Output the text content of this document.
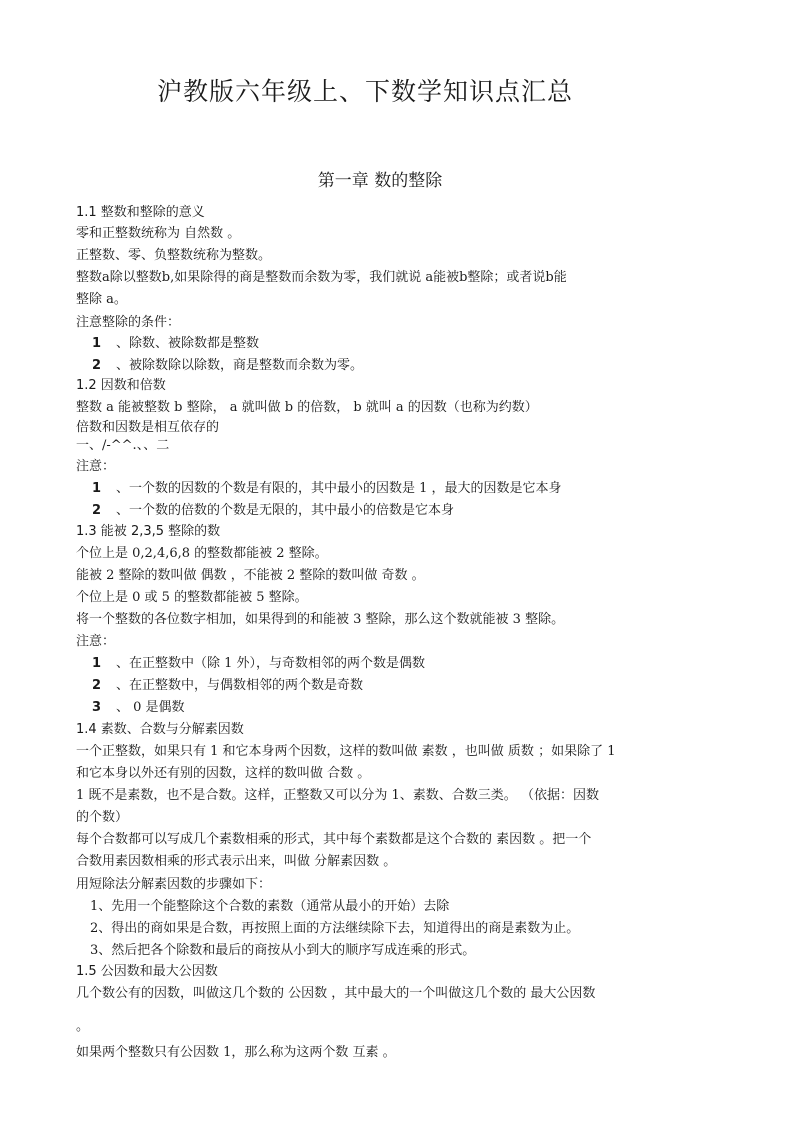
沪教版六年级上、下数学知识点汇总
第一章 数的整除
1.1 整数和整除的意义
零和正整数统称为 自然数 。
正整数、零、负整数统称为整数。
整数a除以整数b,如果除得的商是整数而余数为零，我们就说 a能被b整除；或者说b能
整除 a。
注意整除的条件：
1 、除数、被除数都是整数
2 、被除数除以除数，商是整数而余数为零。
1.2 因数和倍数
整数 a 能被整数 b 整除， a 就叫做 b 的倍数， b 就叫 a 的因数（也称为约数）
倍数和因数是相互依存的
一、/-^^.、、二
注意：
1 、一个数的因数的个数是有限的，其中最小的因数是 1 ，最大的因数是它本身
2 、一个数的倍数的个数是无限的，其中最小的倍数是它本身
1.3 能被 2,3,5 整除的数
个位上是 0,2,4,6,8 的整数都能被 2 整除。
能被 2 整除的数叫做 偶数 ，不能被 2 整除的数叫做 奇数 。
个位上是 0 或 5 的整数都能被 5 整除。
将一个整数的各位数字相加，如果得到的和能被 3 整除，那么这个数就能被 3 整除。
注意：
1 、在正整数中（除 1 外），与奇数相邻的两个数是偶数
2 、在正整数中，与偶数相邻的两个数是奇数
3 、 0 是偶数
1.4 素数、合数与分解素因数
一个正整数，如果只有 1 和它本身两个因数，这样的数叫做 素数 ，也叫做 质数 ；如果除了 1
和它本身以外还有别的因数，这样的数叫做 合数 。
1 既不是素数，也不是合数。这样，正整数又可以分为 1、素数、合数三类。 （依据：因数
的个数）
每个合数都可以写成几个素数相乘的形式，其中每个素数都是这个合数的 素因数 。把一个
合数用素因数相乘的形式表示出来，叫做 分解素因数 。
用短除法分解素因数的步骤如下：
1、先用一个能整除这个合数的素数（通常从最小的开始）去除
2、得出的商如果是合数，再按照上面的方法继续除下去，知道得出的商是素数为止。
3、然后把各个除数和最后的商按从小到大的顺序写成连乘的形式。
1.5 公因数和最大公因数
几个数公有的因数，叫做这几个数的 公因数 ，其中最大的一个叫做这几个数的 最大公因数
。
如果两个整数只有公因数 1，那么称为这两个数 互素 。
